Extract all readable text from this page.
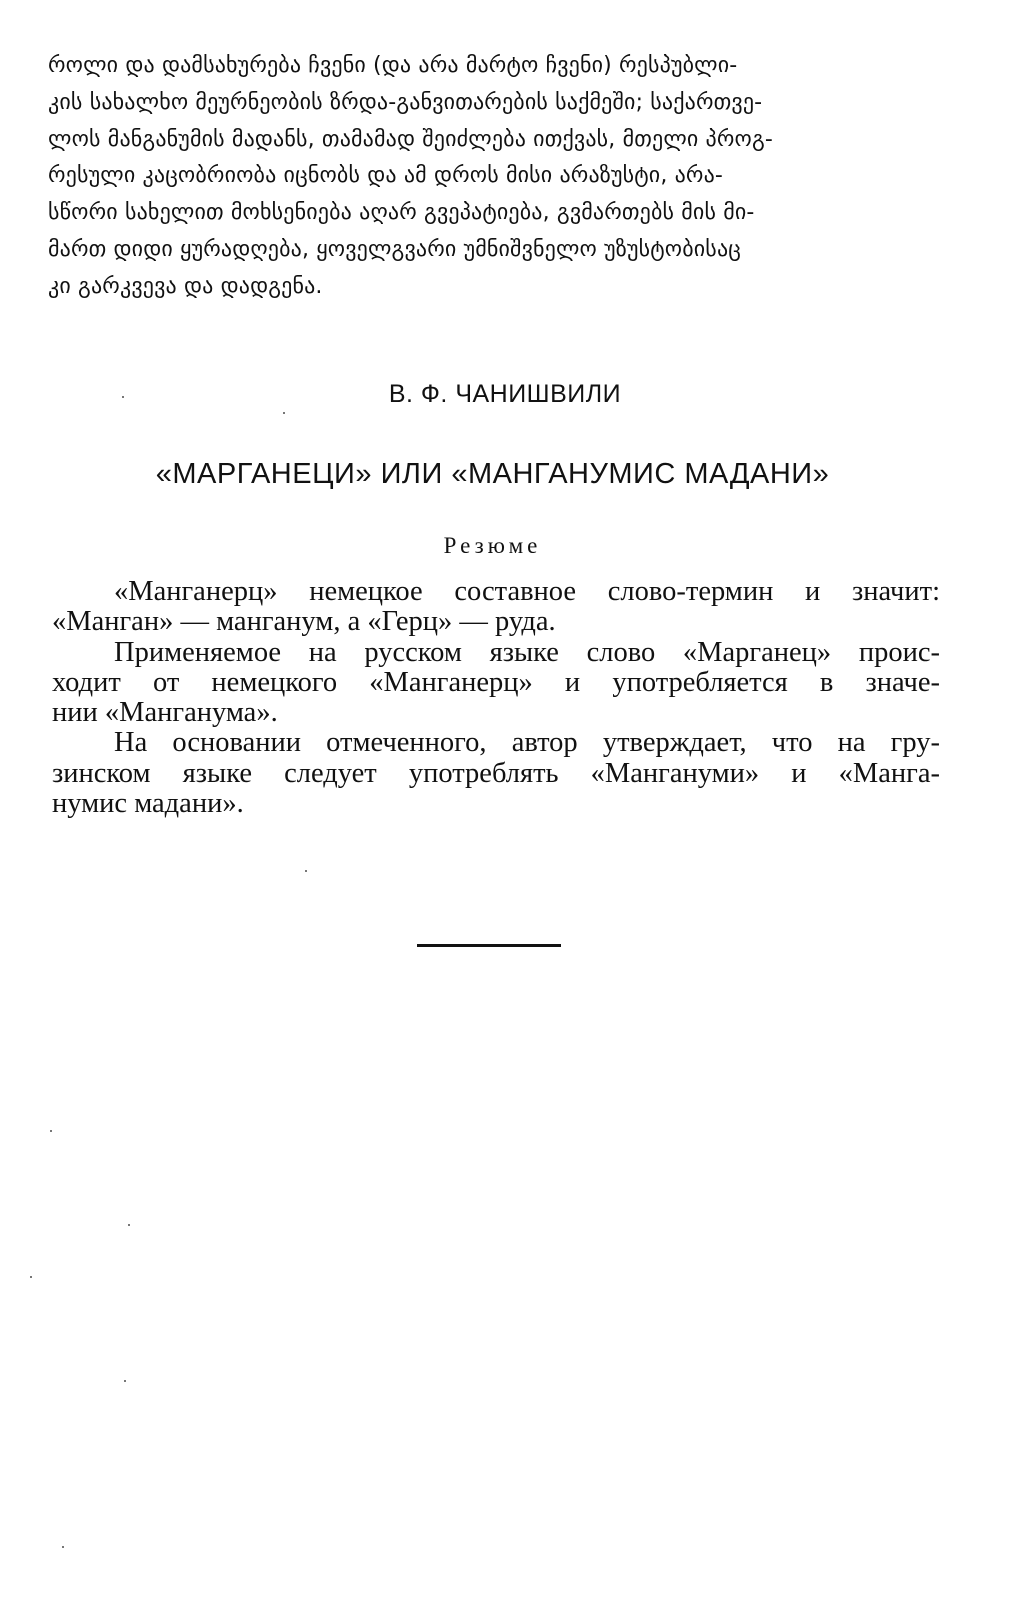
როლი და დამსახურება ჩვენი (და არა მარტო ჩვენი) რესპუბლი-
კის სახალხო მეურნეობის ზრდა-განვითარების საქმეში; საქართვე-
ლოს მანგანუმის მადანს, თამამად შეიძლება ითქვას, მთელი პროგ-
რესული კაცობრიობა იცნობს და ამ დროს მისი არაზუსტი, არა-
სწორი სახელით მოხსენიება აღარ გვეპატიება, გვმართებს მის მი-
მართ დიდი ყურადღება, ყოველგვარი უმნიშვნელო უზუსტობისაც
კი გარკვევა და დადგენა.
В. Ф. ЧАНИШВИЛИ
«МАРГАНЕЦИ» ИЛИ «МАНГАНУМИС МАДАНИ»
Резюме
«Манганерц» немецкое составное слово-термин и значит:
«Манган» — манганум, а «Герц» — руда.
Применяемое на русском языке слово «Марганец» проис-
ходит от немецкого «Манганерц» и употребляется в значе-
нии «Манганума».
На основании отмеченного, автор утверждает, что на гру-
зинском языке следует употреблять «Мангануми» и «Манга-
нумис мадани».
